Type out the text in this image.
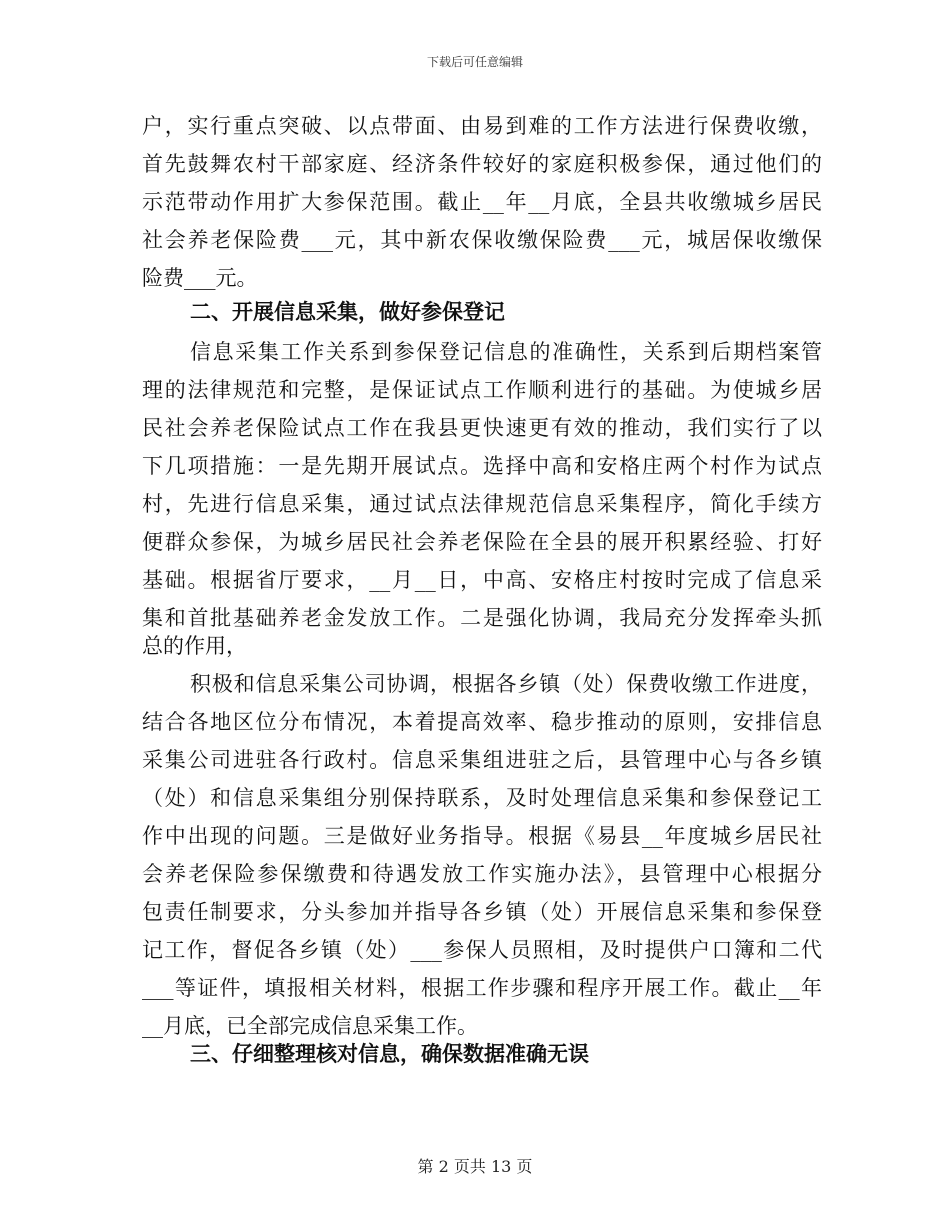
下载后可任意编辑
户，实行重点突破、以点带面、由易到难的工作方法进行保费收缴，
首先鼓舞农村干部家庭、经济条件较好的家庭积极参保，通过他们的
示范带动作用扩大参保范围。截止__年__月底，全县共收缴城乡居民
社会养老保险费___元，其中新农保收缴保险费___元，城居保收缴保
险费___元。
二、开展信息采集，做好参保登记
信息采集工作关系到参保登记信息的准确性，关系到后期档案管
理的法律规范和完整，是保证试点工作顺利进行的基础。为使城乡居
民社会养老保险试点工作在我县更快速更有效的推动，我们实行了以
下几项措施：一是先期开展试点。选择中高和安格庄两个村作为试点
村，先进行信息采集，通过试点法律规范信息采集程序，简化手续方
便群众参保，为城乡居民社会养老保险在全县的展开积累经验、打好
基础。根据省厅要求，__月__日，中高、安格庄村按时完成了信息采
集和首批基础养老金发放工作。二是强化协调，我局充分发挥牵头抓
总的作用，
积极和信息采集公司协调，根据各乡镇（处）保费收缴工作进度，
结合各地区位分布情况，本着提高效率、稳步推动的原则，安排信息
采集公司进驻各行政村。信息采集组进驻之后，县管理中心与各乡镇
（处）和信息采集组分别保持联系，及时处理信息采集和参保登记工
作中出现的问题。三是做好业务指导。根据《易县__年度城乡居民社
会养老保险参保缴费和待遇发放工作实施办法》，县管理中心根据分
包责任制要求，分头参加并指导各乡镇（处）开展信息采集和参保登
记工作，督促各乡镇（处）___参保人员照相，及时提供户口簿和二代
___等证件，填报相关材料，根据工作步骤和程序开展工作。截止__年
__月底，已全部完成信息采集工作。
三、仔细整理核对信息，确保数据准确无误
第 2 页共 13 页
